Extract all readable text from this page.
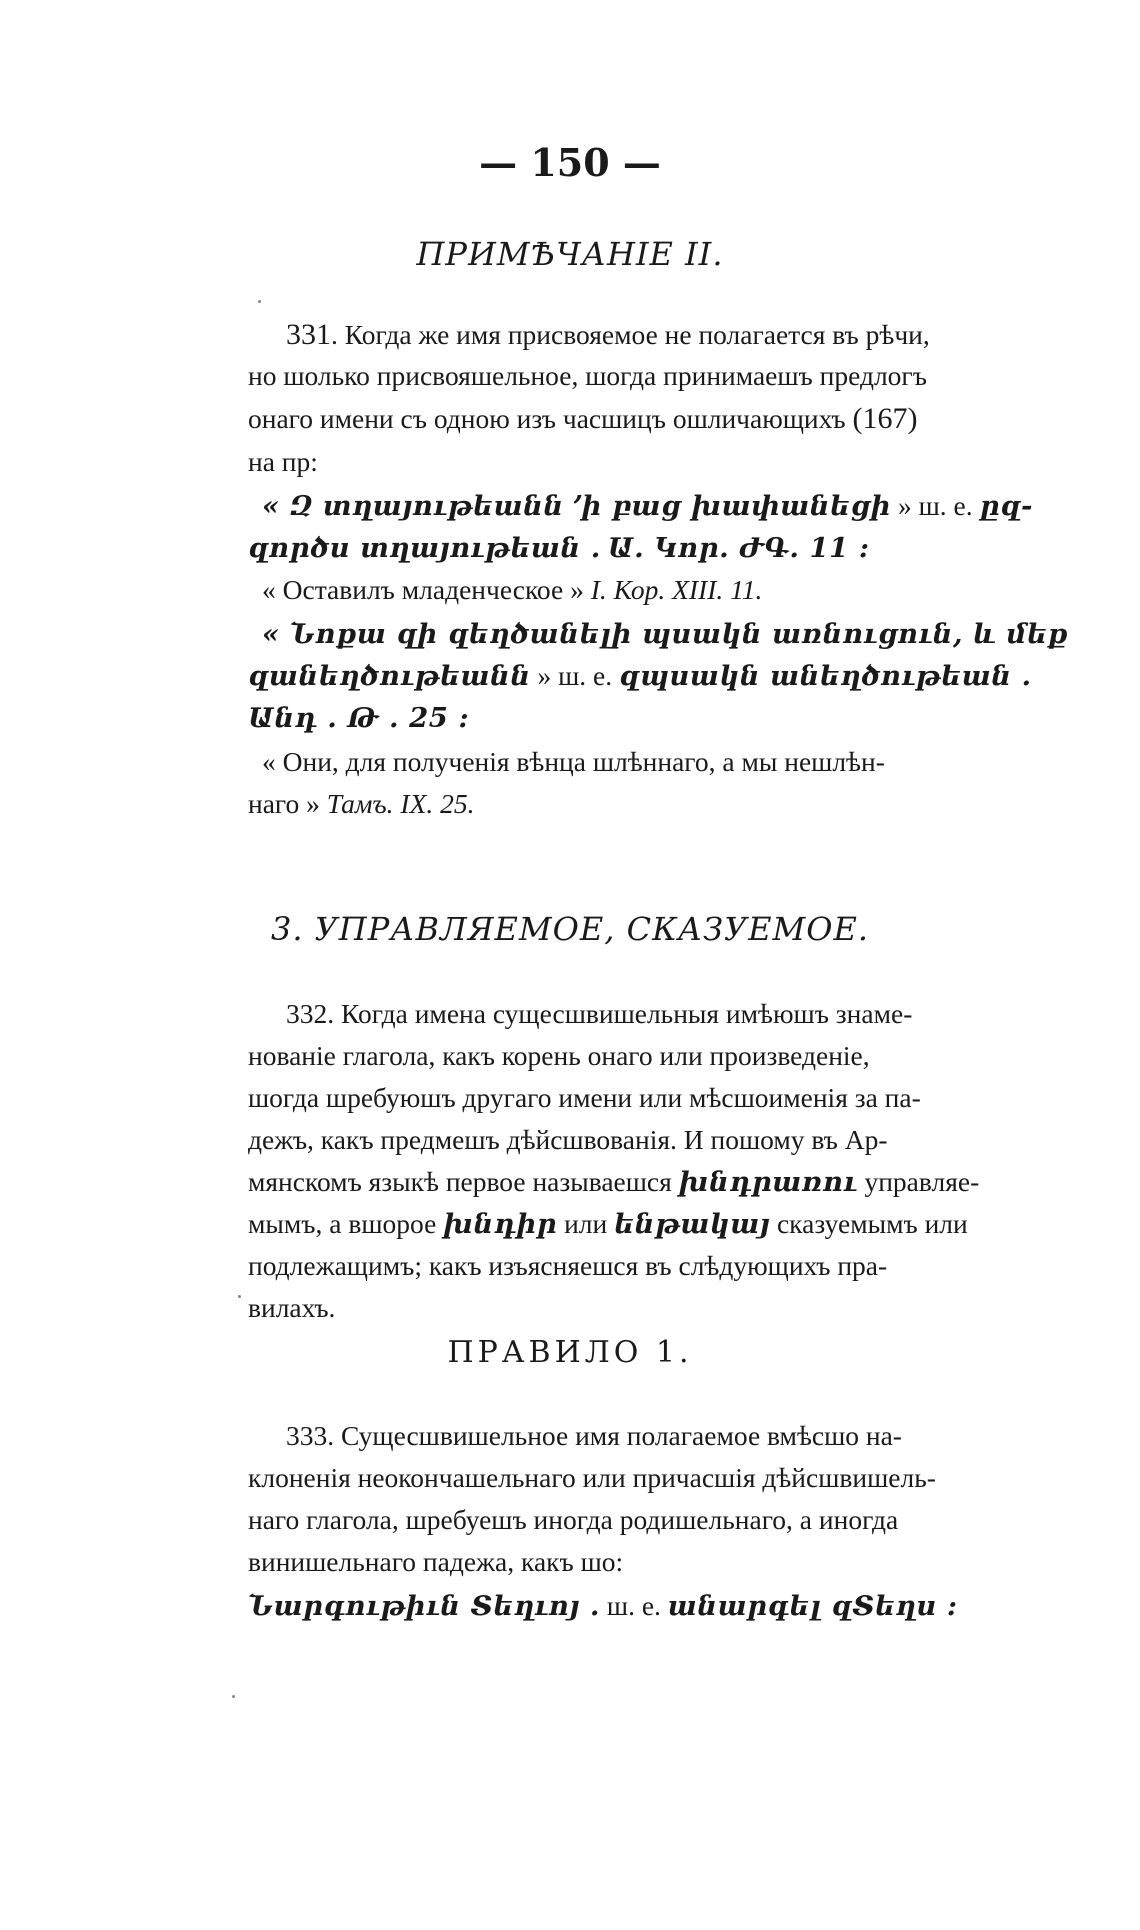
— 150 —
ПРИМѢЧАНІЕ II.
331. Когда же имя присвояемое не полагается въ рѣчи,
но шолько присвояшельное, шогда принимаешъ предлогъ
онаго имени съ одною изъ часшицъ ошличающихъ (167)
на пр:
« Զ տղայութեանն ՚ի բաց խափանեցի » ш. е. ըզ-
զործս տղայութեան . Ա. Կոր. ԺԳ. 11 :
« Оставилъ младенческое » I. Кор. XIII. 11.
« Նոքա զի զեղծանելի պսակն առնուցուն, և մեք
զանեղծութեանն » ш. е. զպսակն անեղծութեան .
Անդ . Թ . 25 :
« Они, для полученія вѣнца шлѣннаго, а мы нешлѣн-
наго » Тамъ. IX. 25.
3. УПРАВЛЯЕМОЕ, СКАЗУЕМОЕ.
332. Когда имена сущесшвишельныя имѣюшъ знаме-
нованіе глагола, какъ корень онаго или произведеніе,
шогда шребуюшъ другаго имени или мѣсшоименія за па-
дежъ, какъ предмешъ дѣйсшвованія. И пошому въ Ар-
мянскомъ языкѣ первое называешся խնդրառու управляе-
мымъ, а вшорое խնդիր или ենթակայ сказуемымъ или
подлежащимъ; какъ изъясняешся въ слѣдующихъ пра-
вилахъ.
ПРАВИЛО 1.
333. Сущесшвишельное имя полагаемое вмѣсшо на-
клоненія неокончашельнаго или причасшія дѣйсшвишель-
наго глагола, шребуешъ иногда родишельнаго, а иногда
винишельнаго падежа, какъ шо:
Նարգութիւն Տեղւոյ . ш. е. անարգել զՏեղս :
